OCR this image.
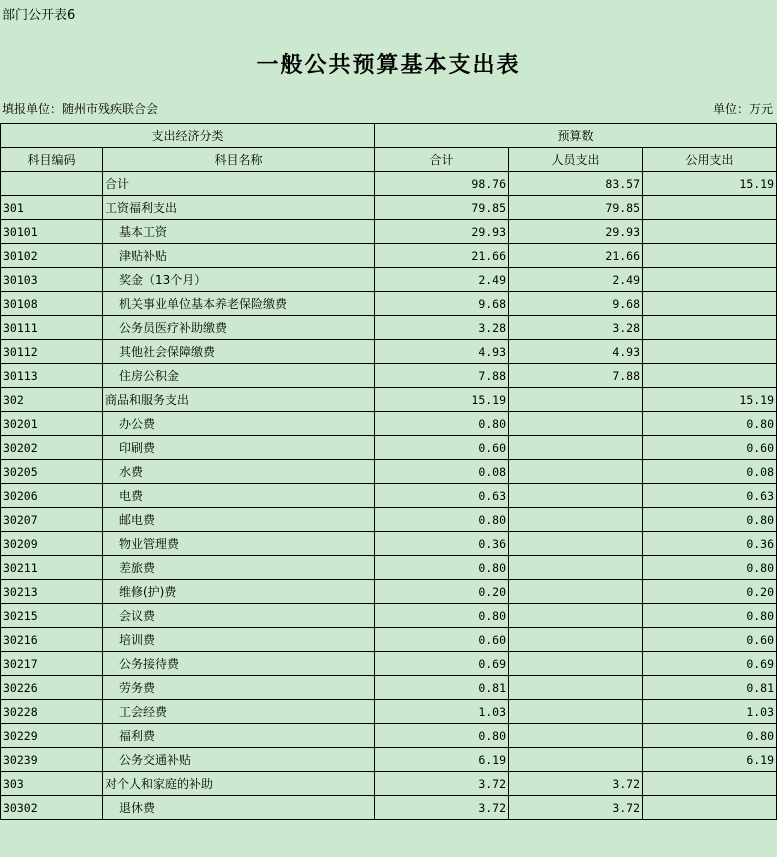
部门公开表6
一般公共预算基本支出表
填报单位：随州市残疾联合会	单位：万元
支出经济分类		预算数		
科目编码	科目名称	合计	人员支出	公用支出
	合计	98.76	83.57	15.19
301	工资福利支出	79.85	79.85	
30101	基本工资	29.93	29.93	
30102	津贴补贴	21.66	21.66	
30103	奖金（13个月）	2.49	2.49	
30108	机关事业单位基本养老保险缴费	9.68	9.68	
30111	公务员医疗补助缴费	3.28	3.28	
30112	其他社会保障缴费	4.93	4.93	
30113	住房公积金	7.88	7.88	
302	商品和服务支出	15.19		15.19
30201	办公费	0.80		0.80
30202	印刷费	0.60		0.60
30205	水费	0.08		0.08
30206	电费	0.63		0.63
30207	邮电费	0.80		0.80
30209	物业管理费	0.36		0.36
30211	差旅费	0.80		0.80
30213	维修(护)费	0.20		0.20
30215	会议费	0.80		0.80
30216	培训费	0.60		0.60
30217	公务接待费	0.69		0.69
30226	劳务费	0.81		0.81
30228	工会经费	1.03		1.03
30229	福利费	0.80		0.80
30239	公务交通补贴	6.19		6.19
303	对个人和家庭的补助	3.72	3.72	
30302	退休费	3.72	3.72	
